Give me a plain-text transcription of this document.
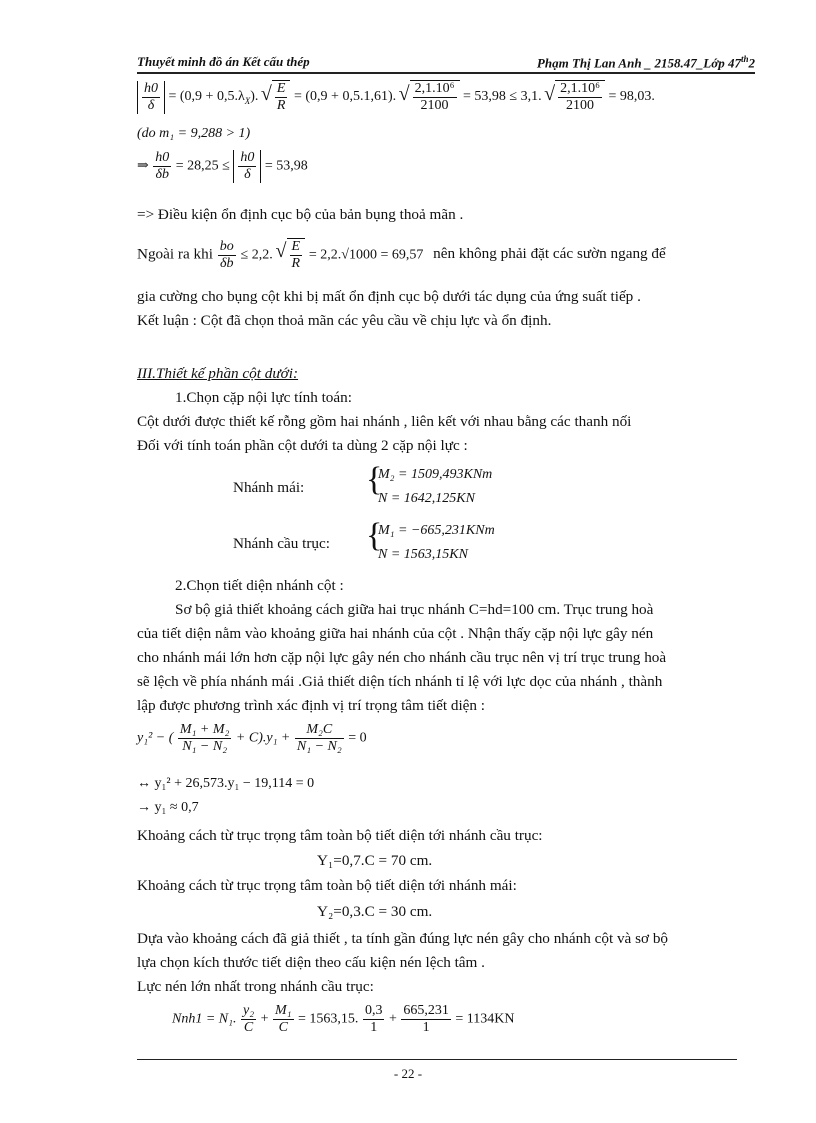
Thuyết minh đồ án Kết cấu thép	Phạm Thị Lan Anh _ 2158.47_Lớp 47th2
$\frac{h0}{\delta} = (0,9 + 0,5.\lambda_X)$. √ $\frac{E}{R} = (0,9 + 0,5.1,61)$. √ $\frac{\text{2,1.10⁶}}{2100} = 53,98 \le 3,1$. √ $\frac{\text{2,1.10⁶}}{2100} = 98,03$.
(do m₁ = 9,288 > 1)
⇒ $\frac{h0}{\delta b} = 28,25 \le \frac{h0}{\delta} = 53,98$
=> Điều kiện ổn định cục bộ của bản bụng thoả mãn .
Ngoài ra khi $\frac{bo}{\delta b} \le 2,2$. √ $\frac{E}{R} = 2,2.√1000 = 69,57$ nên không phải đặt các sườn ngang để
gia cường cho bụng cột khi bị mất ổn định cục bộ dưới tác dụng của ứng suất tiếp .
Kết luận : Cột đã chọn thoả mãn các yêu cầu về chịu lực và ổn định.
III.Thiết kế phần cột dưới:
1.Chọn cặp nội lực tính toán:
Cột dưới được thiết kế rỗng gồm hai nhánh , liên kết với nhau bằng các thanh nối
Đối với tính toán phần cột dưới ta dùng 2 cặp nội lực :
Nhánh mái: {
M₂ = 1509,493KNm
N = 1642,125KN
Nhánh cầu trục: {
M₁ = −665,231KNm
N = 1563,15KN
2.Chọn tiết diện nhánh cột :
Sơ bộ giả thiết khoảng cách giữa hai trục nhánh C=hd=100 cm. Trục trung hoà
của tiết diện nằm vào khoảng giữa hai nhánh của cột . Nhận thấy cặp nội lực gây nén
cho nhánh mái lớn hơn cặp nội lực gây nén cho nhánh cầu trục nên vị trí trục trung hoà
sẽ lệch về phía nhánh mái .Giả thiết diện tích nhánh tỉ lệ với lực dọc của nhánh , thành
lập được phương trình xác định vị trí trọng tâm tiết diện :
y₁² − ( $\frac{\text{M₁ + M₂}}{\text{N₁ − N₂}} + C).y_1 + \frac{\text{M₂C}}{\text{N₁ − N₂}} = 0$
↔ y₁² + 26,573.y₁ − 19,114 = 0
→ y₁ ≈ 0,7
Khoảng cách từ trục trọng tâm toàn bộ tiết diện tới nhánh cầu trục:
Y₁=0,7.C = 70 cm.
Khoảng cách từ trục trọng tâm toàn bộ tiết diện tới nhánh mái:
Y₂=0,3.C = 30 cm.
Dựa vào khoảng cách đã giả thiết , ta tính gần đúng lực nén gây cho nhánh cột và sơ bộ
lựa chọn kích thước tiết diện theo cấu kiện nén lệch tâm .
Lực nén lớn nhất trong nhánh cầu trục:
Nnh1 = N₁. $\frac{\text{y₂}}{C} + \frac{\text{M₁}}{C} = 1563,15$. $\frac{0,3}{1} + \frac{665,231}{1} = 1134KN$
- 22 -
